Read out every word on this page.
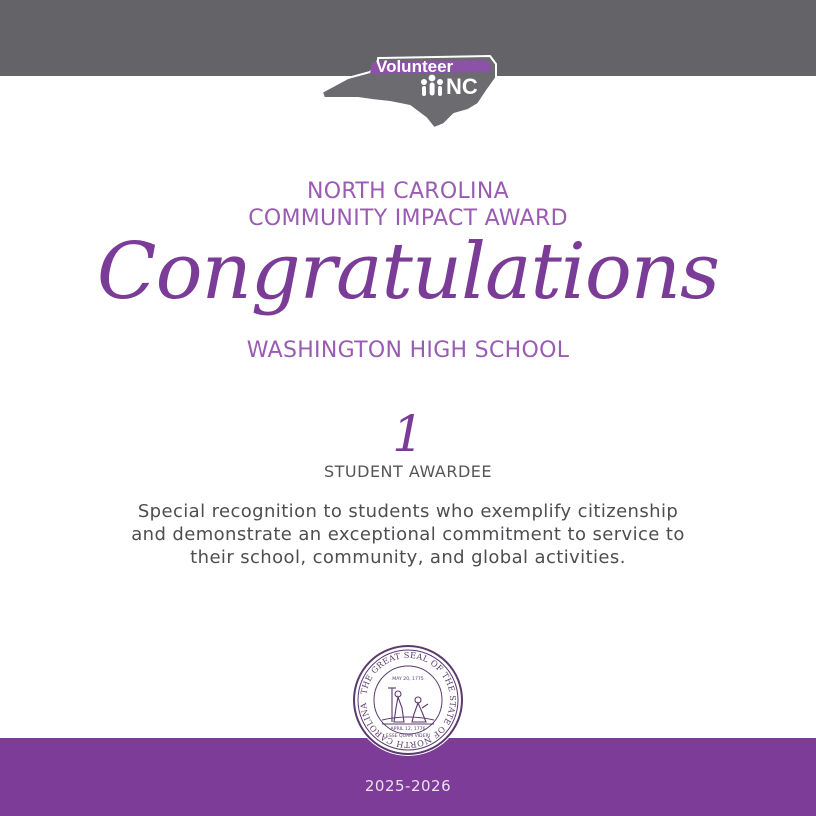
Volunteer
NC
NORTH CAROLINA
COMMUNITY IMPACT AWARD
Congratulations
WASHINGTON HIGH SCHOOL
1
STUDENT AWARDEE
Special recognition to students who exemplify citizenship
and demonstrate an exceptional commitment to service to
their school, community, and global activities.
THE GREAT SEAL OF THE STATE OF NORTH CAROLINA
MAY 20, 1775
APRIL 12, 1776
ESSE QUAM VIDERI
2025-2026
